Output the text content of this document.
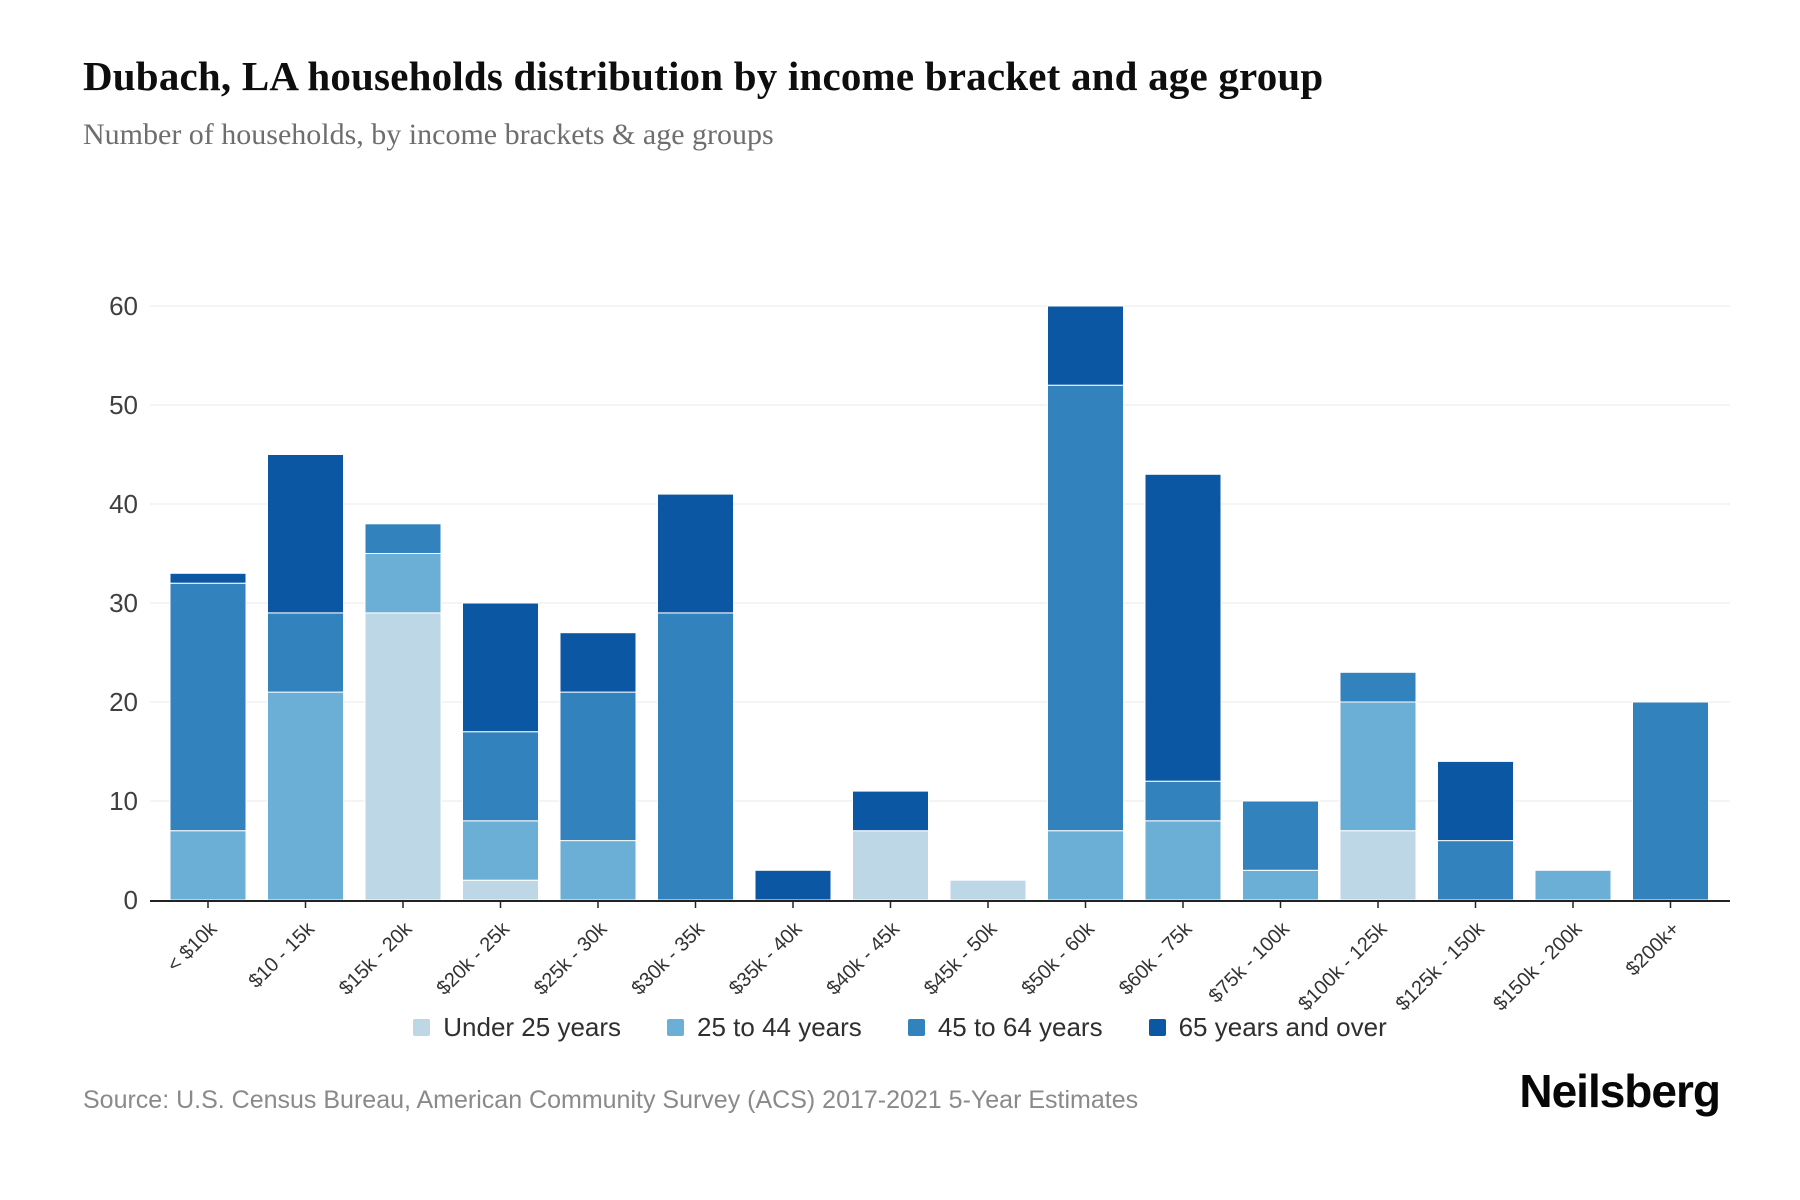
Dubach, LA households distribution by income bracket and age group
Number of households, by income brackets & age groups
0
10
20
30
40
50
60
< $10k $10 - 15k $15k - 20k $20k - 25k $25k - 30k $30k - 35k $35k - 40k $40k - 45k $45k - 50k $50k - 60k $60k - 75k $75k - 100k $100k - 125k $125k - 150k $150k - 200k $200k+
Under 25 years	25 to 44 years	45 to 64 years	65 years and over
Source: U.S. Census Bureau, American Community Survey (ACS) 2017-2021 5-Year Estimates	Neilsberg
